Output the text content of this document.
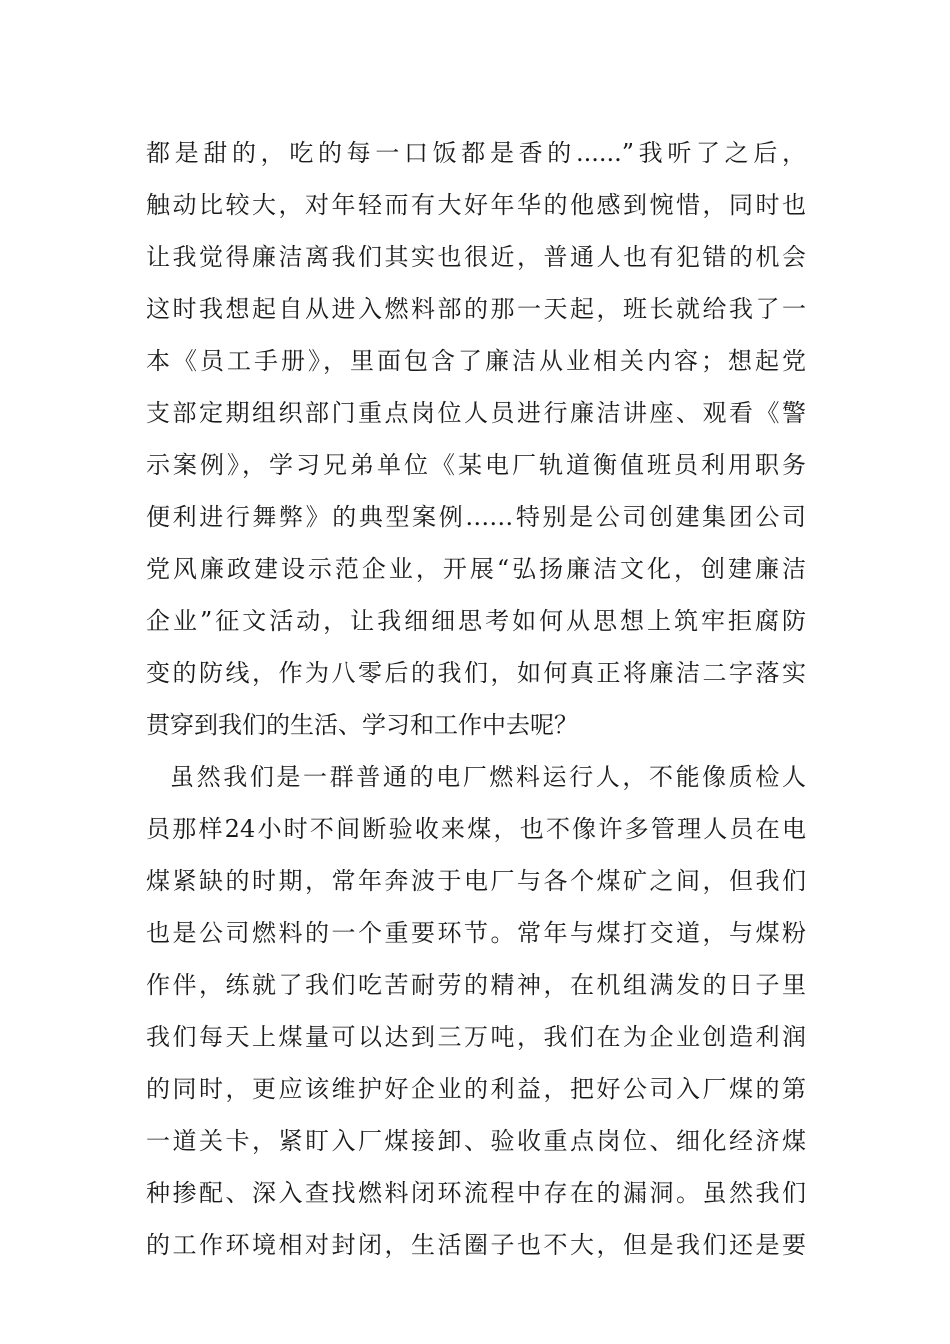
都是甜的，吃的每一口饭都是香的......”我听了之后，
触动比较大，对年轻而有大好年华的他感到惋惜，同时也
让我觉得廉洁离我们其实也很近，普通人也有犯错的机会
这时我想起自从进入燃料部的那一天起，班长就给我了一
本《员工手册》，里面包含了廉洁从业相关内容；想起党
支部定期组织部门重点岗位人员进行廉洁讲座、观看《警
示案例》，学习兄弟单位《某电厂轨道衡值班员利用职务
便利进行舞弊》的典型案例……特别是公司创建集团公司
党风廉政建设示范企业，开展“弘扬廉洁文化，创建廉洁
企业”征文活动，让我细细思考如何从思想上筑牢拒腐防
变的防线，作为八零后的我们，如何真正将廉洁二字落实
贯穿到我们的生活、学习和工作中去呢？
虽然我们是一群普通的电厂燃料运行人，不能像质检人
员那样24小时不间断验收来煤，也不像许多管理人员在电
煤紧缺的时期，常年奔波于电厂与各个煤矿之间，但我们
也是公司燃料的一个重要环节。常年与煤打交道，与煤粉
作伴，练就了我们吃苦耐劳的精神，在机组满发的日子里
我们每天上煤量可以达到三万吨，我们在为企业创造利润
的同时，更应该维护好企业的利益，把好公司入厂煤的第
一道关卡，紧盯入厂煤接卸、验收重点岗位、细化经济煤
种掺配、深入查找燃料闭环流程中存在的漏洞。虽然我们
的工作环境相对封闭，生活圈子也不大，但是我们还是要
